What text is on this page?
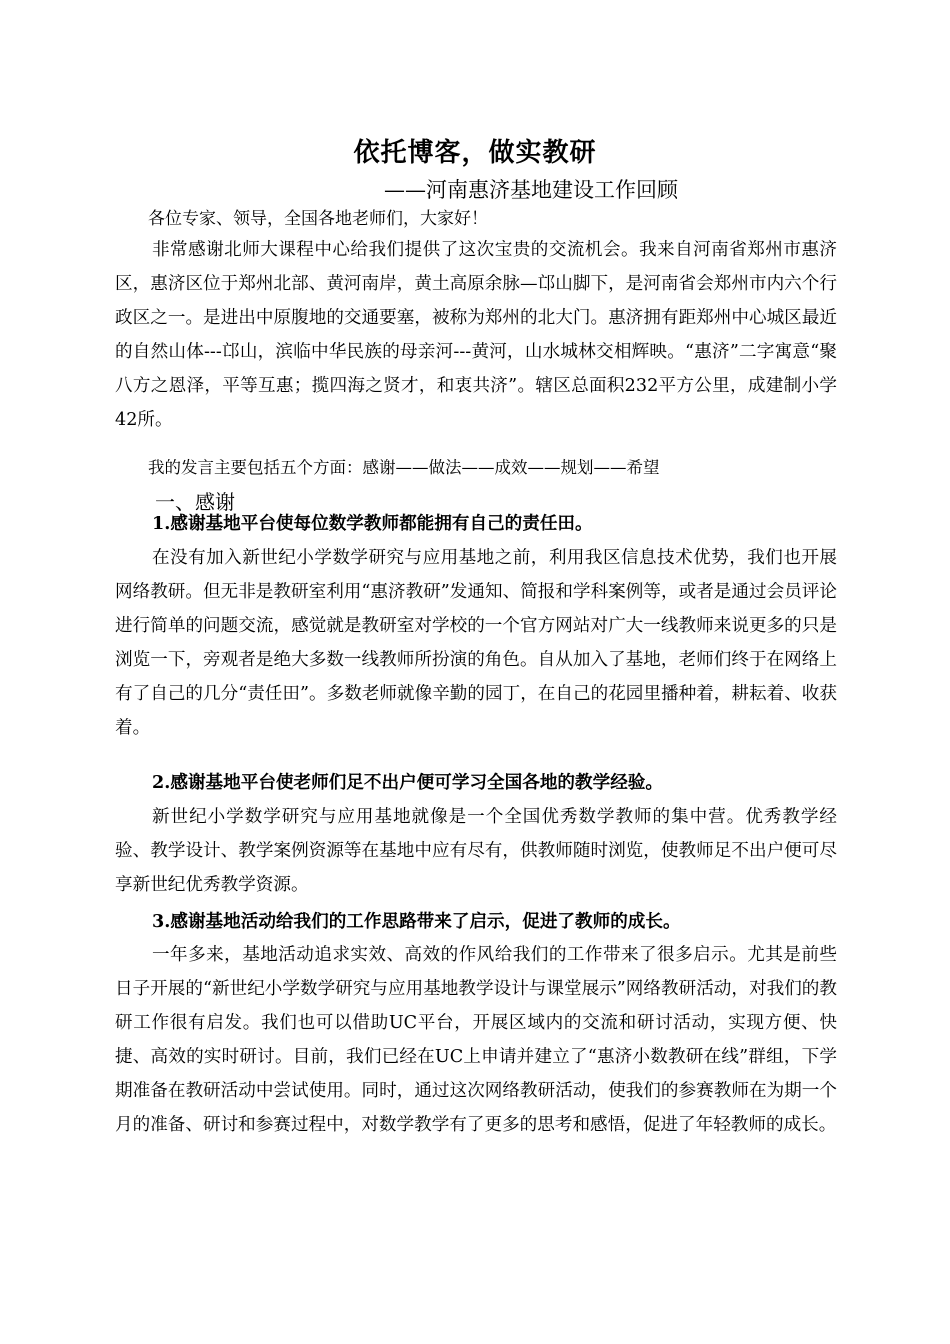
依托博客，做实教研
——河南惠济基地建设工作回顾
各位专家、领导，全国各地老师们，大家好！

非常感谢北师大课程中心给我们提供了这次宝贵的交流机会。我来自河南省郑州市惠济区，惠济区位于郑州北部、黄河南岸，黄土高原余脉—邙山脚下，是河南省会郑州市内六个行政区之一。是进出中原腹地的交通要塞，被称为郑州的北大门。惠济拥有距郑州中心城区最近的自然山体---邙山，滨临中华民族的母亲河---黄河，山水城林交相辉映。“惠济”二字寓意“聚八方之恩泽，平等互惠；揽四海之贤才，和衷共济”。辖区总面积232平方公里，成建制小学42所。

我的发言主要包括五个方面：感谢——做法——成效——规划——希望
一、感谢
1.感谢基地平台使每位数学教师都能拥有自己的责任田。

在没有加入新世纪小学数学研究与应用基地之前，利用我区信息技术优势，我们也开展网络教研。但无非是教研室利用“惠济教研”发通知、简报和学科案例等，或者是通过会员评论进行简单的问题交流，感觉就是教研室对学校的一个官方网站对广大一线教师来说更多的只是浏览一下，旁观者是绝大多数一线教师所扮演的角色。自从加入了基地，老师们终于在网络上有了自己的几分“责任田”。多数老师就像辛勤的园丁，在自己的花园里播种着，耕耘着、收获着。

2.感谢基地平台使老师们足不出户便可学习全国各地的教学经验。

新世纪小学数学研究与应用基地就像是一个全国优秀数学教师的集中营。优秀教学经验、教学设计、教学案例资源等在基地中应有尽有，供教师随时浏览，使教师足不出户便可尽享新世纪优秀教学资源。

3.感谢基地活动给我们的工作思路带来了启示，促进了教师的成长。

一年多来，基地活动追求实效、高效的作风给我们的工作带来了很多启示。尤其是前些日子开展的“新世纪小学数学研究与应用基地教学设计与课堂展示”网络教研活动，对我们的教研工作很有启发。我们也可以借助UC平台，开展区域内的交流和研讨活动，实现方便、快捷、高效的实时研讨。目前，我们已经在UC上申请并建立了“惠济小数教研在线”群组，下学期准备在教研活动中尝试使用。同时，通过这次网络教研活动，使我们的参赛教师在为期一个月的准备、研讨和参赛过程中，对数学教学有了更多的思考和感悟，促进了年轻教师的成长。
